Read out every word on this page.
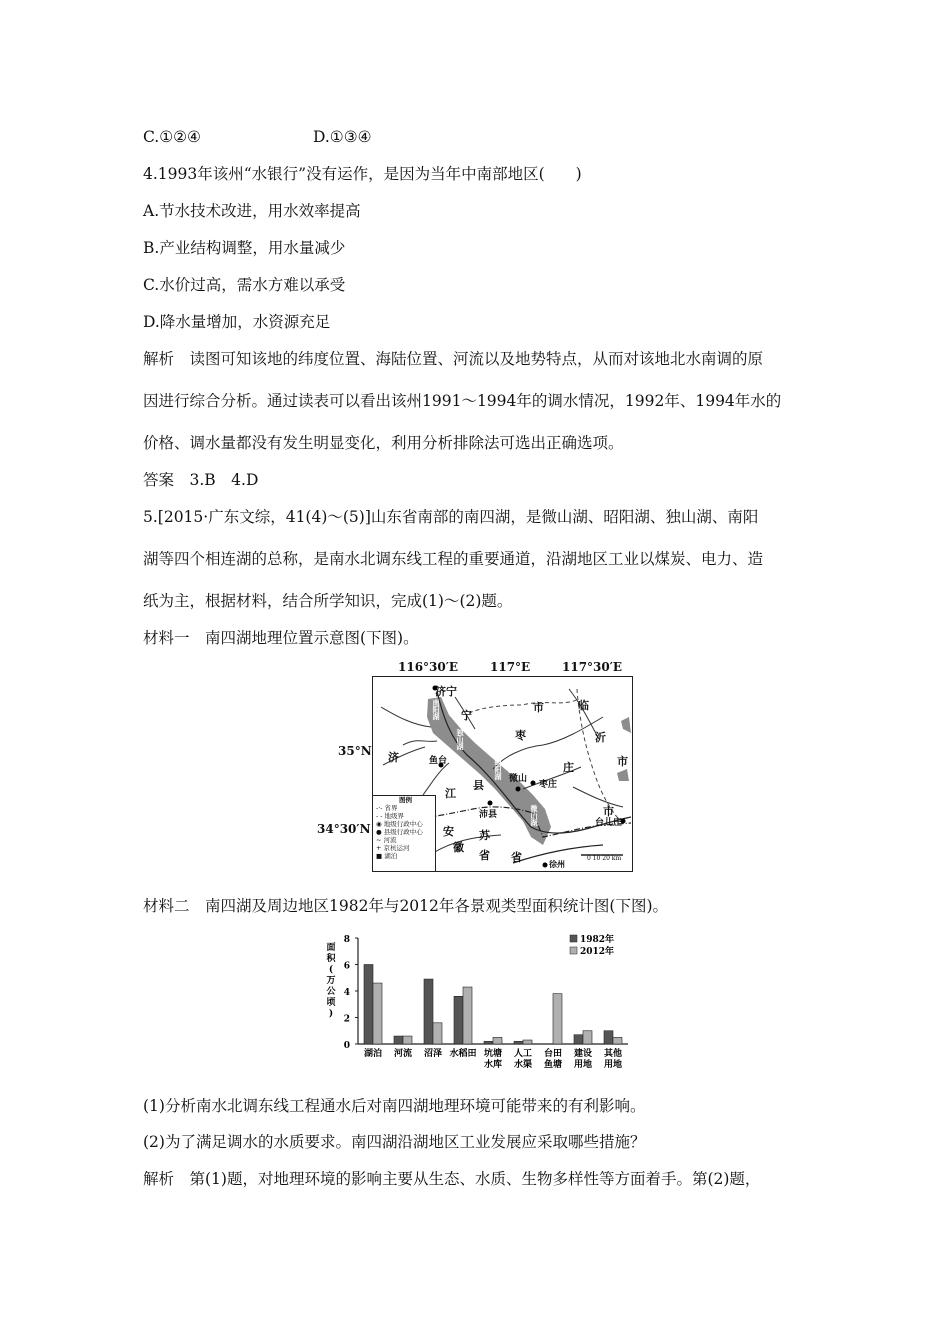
C.①②④	D.①③④
4.1993年该州“水银行”没有运作，是因为当年中南部地区(　　)
A.节水技术改进，用水效率提高
B.产业结构调整，用水量减少
C.水价过高，需水方难以承受
D.降水量增加，水资源充足
解析　读图可知该地的纬度位置、海陆位置、河流以及地势特点，从而对该地北水南调的原
因进行综合分析。通过读表可以看出该州1991～1994年的调水情况，1992年、1994年水的
价格、调水量都没有发生明显变化，利用分析排除法可选出正确选项。
答案　3.B　4.D
5.[2015·广东文综，41(4)～(5)]山东省南部的南四湖，是微山湖、昭阳湖、独山湖、南阳
湖等四个相连湖的总称，是南水北调东线工程的重要通道，沿湖地区工业以煤炭、电力、造
纸为主，根据材料，结合所学知识，完成(1)～(2)题。
材料一　南四湖地理位置示意图(下图)。
116°30′E	117°E	117°30′E
35°N
34°30′N
济宁
宁
市	临
沂
济
枣
庄	市
鱼台
微山
枣庄
江
县
沛县
苏
市
台儿庄
安
徽
省 省	徐州
0 10 20 km
南阳湖
独山湖
昭阳湖
微山湖
图例
-·- 省界
- - 地级界
◉ 地级行政中心
● 县级行政中心
~ 河流
+ 京杭运河
■ 湖泊
材料二　南四湖及周边地区1982年与2012年各景观类型面积统计图(下图)。
0
2
4
6
8
面
积
(
万
公
顷
)
湖泊 河流 沼泽 水稻田 坑塘
水库
人工
水渠
台田
鱼塘
建设
用地
其他
用地
1982年
2012年
(1)分析南水北调东线工程通水后对南四湖地理环境可能带来的有利影响。
(2)为了满足调水的水质要求。南四湖沿湖地区工业发展应采取哪些措施？
解析　第(1)题，对地理环境的影响主要从生态、水质、生物多样性等方面着手。第(2)题，
